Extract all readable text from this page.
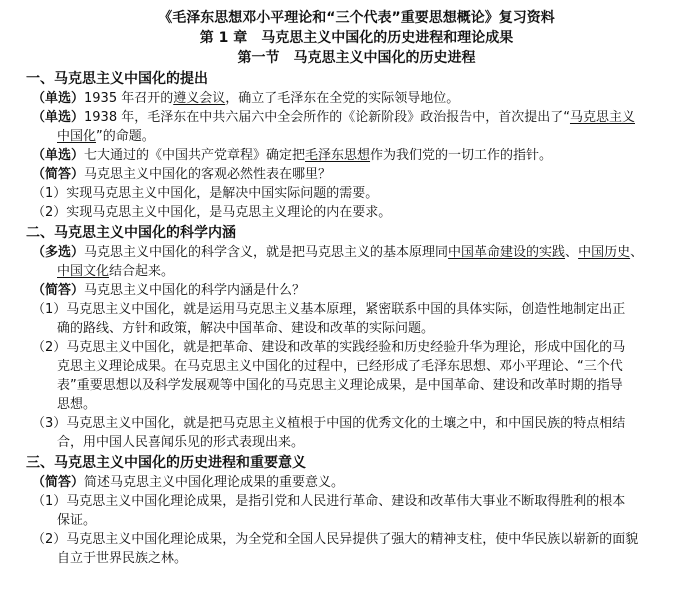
《毛泽东思想邓小平理论和“三个代表”重要思想概论》复习资料
第 1 章　马克思主义中国化的历史进程和理论成果
第一节　马克思主义中国化的历史进程
一、马克思主义中国化的提出
（单选）1935 年召开的遵义会议，确立了毛泽东在全党的实际领导地位。
（单选）1938 年，毛泽东在中共六届六中全会所作的《论新阶段》政治报告中，首次提出了“马克思主义
中国化”的命题。
（单选）七大通过的《中国共产党章程》确定把毛泽东思想作为我们党的一切工作的指针。
（简答）马克思主义中国化的客观必然性表在哪里？
（1）实现马克思主义中国化，是解决中国实际问题的需要。
（2）实现马克思主义中国化，是马克思主义理论的内在要求。
二、马克思主义中国化的科学内涵
（多选）马克思主义中国化的科学含义，就是把马克思主义的基本原理同中国革命建设的实践、中国历史、
中国文化结合起来。
（简答）马克思主义中国化的科学内涵是什么？
（1）马克思主义中国化，就是运用马克思主义基本原理，紧密联系中国的具体实际，创造性地制定出正
确的路线、方针和政策，解决中国革命、建设和改革的实际问题。
（2）马克思主义中国化，就是把革命、建设和改革的实践经验和历史经验升华为理论，形成中国化的马
克思主义理论成果。在马克思主义中国化的过程中，已经形成了毛泽东思想、邓小平理论、“三个代
表”重要思想以及科学发展观等中国化的马克思主义理论成果，是中国革命、建设和改革时期的指导
思想。
（3）马克思主义中国化，就是把马克思主义植根于中国的优秀文化的土壤之中，和中国民族的特点相结
合，用中国人民喜闻乐见的形式表现出来。
三、马克思主义中国化的历史进程和重要意义
（简答）简述马克思主义中国化理论成果的重要意义。
（1）马克思主义中国化理论成果，是指引党和人民进行革命、建设和改革伟大事业不断取得胜利的根本
保证。
（2）马克思主义中国化理论成果，为全党和全国人民异提供了强大的精神支柱，使中华民族以崭新的面貌
自立于世界民族之林。
